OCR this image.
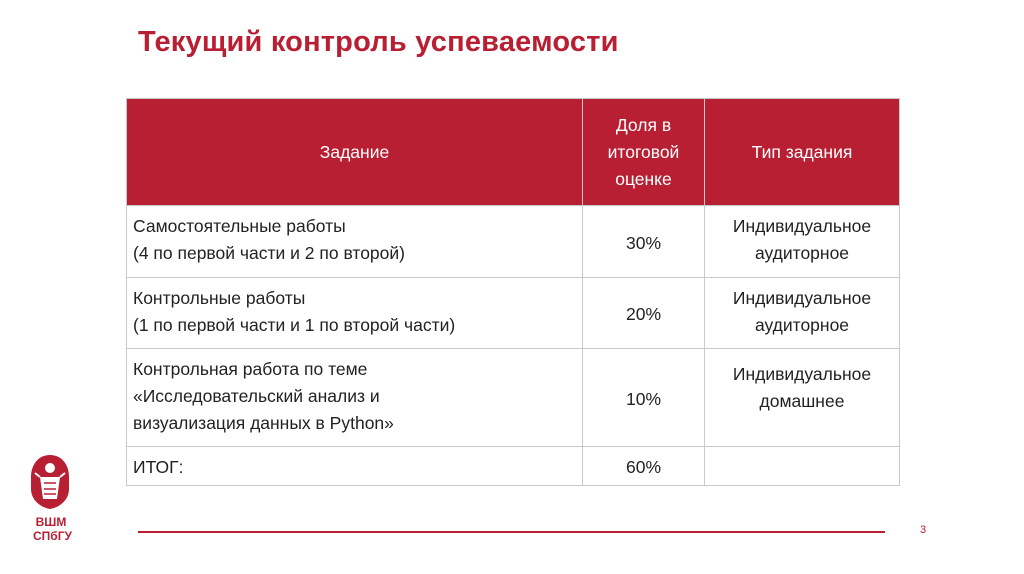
Текущий контроль успеваемости
Задание	Доля в итоговой оценке	Тип задания

Самостоятельные работы
(4 по первой части и 2 по второй)	30%	Индивидуальное аудиторное

Контрольные работы
(1 по первой части и 1 по второй части)	20%	Индивидуальное аудиторное

Контрольная работа по теме
«Исследовательский анализ и
визуализация данных в Python»	10%	Индивидуальное домашнее
ИТОГ:	60%	
ВШМ
СПбГУ	3
